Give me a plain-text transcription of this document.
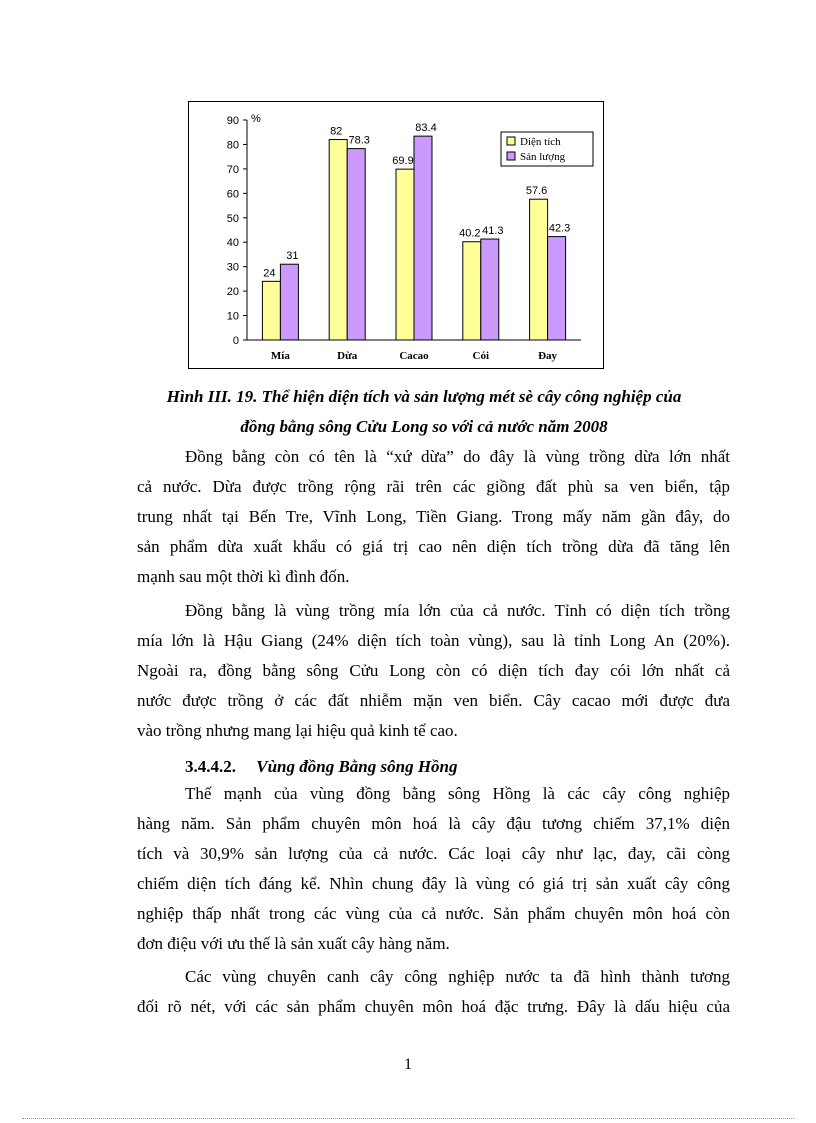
0
10
20
30
40
50
60
70
80
90 %
24
31
Mía
82
78.3
Dừa
69.9
83.4
Cacao
40.2 41.3
Cói
57.6
42.3
Đay
Diện tích
Sản lượng
Hình III. 19. Thể hiện diện tích và sản lượng mét sè cây công nghiệp của
đồng bằng sông Cửu Long so với cả nước năm 2008
Đồng bằng còn có tên là “xứ dừa” do đây là vùng trồng dừa lớn nhất
cả nước. Dừa được trồng rộng rãi trên các giồng đất phù sa ven biển, tập
trung nhất tại Bến Tre, Vĩnh Long, Tiền Giang. Trong mấy năm gần đây, do
sản phẩm dừa xuất khẩu có giá trị cao nên diện tích trồng dừa đã tăng lên
mạnh sau một thời kì đình đốn.
Đồng bằng là vùng trồng mía lớn của cả nước. Tỉnh có diện tích trồng
mía lớn là Hậu Giang (24% diện tích toàn vùng), sau là tỉnh Long An (20%).
Ngoài ra, đồng bằng sông Cửu Long còn có diện tích đay cói lớn nhất cả
nước được trồng ở các đất nhiễm mặn ven biển. Cây cacao mới được đưa
vào trồng nhưng mang lại hiệu quả kinh tế cao.
3.4.4.2. Vùng đồng Bằng sông Hồng
Thế mạnh của vùng đồng bằng sông Hồng là các cây công nghiệp
hàng năm. Sản phẩm chuyên môn hoá là cây đậu tương chiếm 37,1% diện
tích và 30,9% sản lượng của cả nước. Các loại cây như lạc, đay, cãi còng
chiếm diện tích đáng kể. Nhìn chung đây là vùng có giá trị sản xuất cây công
nghiệp thấp nhất trong các vùng của cả nước. Sản phẩm chuyên môn hoá còn
đơn điệu với ưu thế là sản xuất cây hàng năm.
Các vùng chuyên canh cây công nghiệp nước ta đã hình thành tương
đối rõ nét, với các sản phẩm chuyên môn hoá đặc trưng. Đây là dấu hiệu của
1
